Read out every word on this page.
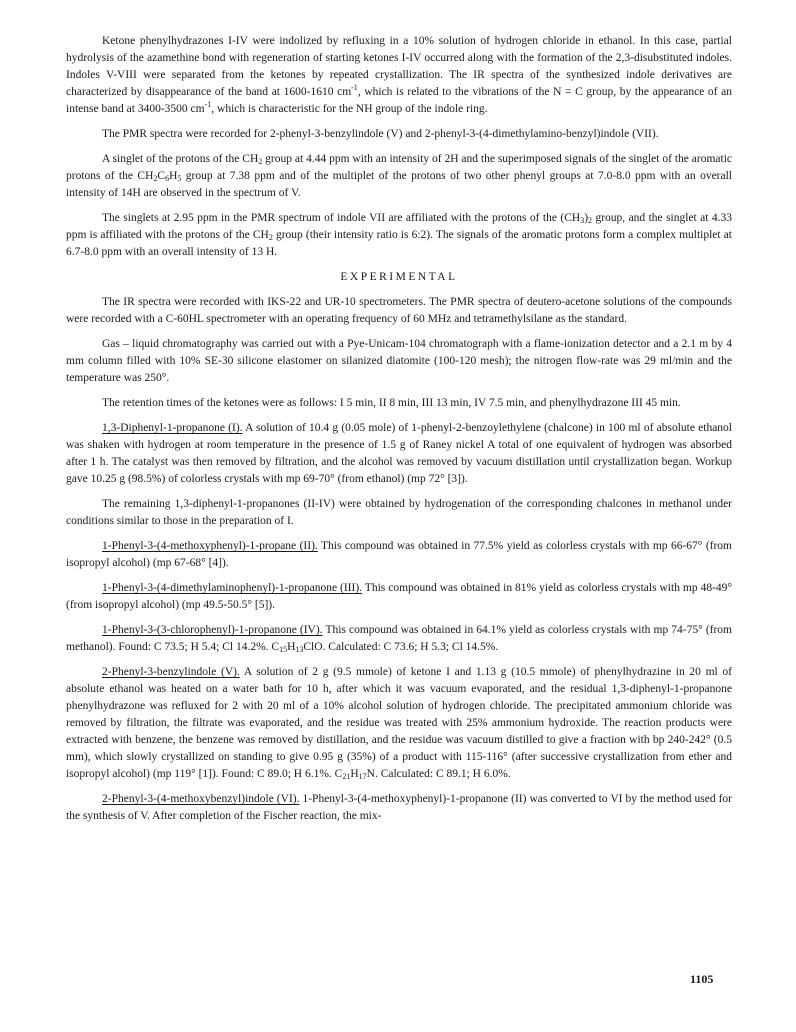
Ketone phenylhydrazones I-IV were indolized by refluxing in a 10% solution of hydrogen chloride in ethanol. In this case, partial hydrolysis of the azamethine bond with regeneration of starting ketones I-IV occurred along with the formation of the 2,3-disubstituted indoles. Indoles V-VIII were separated from the ketones by repeated crystallization. The IR spectra of the synthesized indole derivatives are characterized by disappearance of the band at 1600-1610 $cm^{-1}$, which is related to the vibrations of the N = C group, by the appearance of an intense band at 3400-3500 $cm^{-1}$, which is characteristic for the NH group of the indole ring.

The PMR spectra were recorded for 2-phenyl-3-benzylindole (V) and 2-phenyl-3-(4-dimethylamino-benzyl)indole (VII).

A singlet of the protons of the $CH_2$ group at 4.44 ppm with an intensity of 2H and the superimposed signals of the singlet of the aromatic protons of the $CH_2C_6H_5$ group at 7.38 ppm and of the multiplet of the protons of two other phenyl groups at 7.0-8.0 ppm with an overall intensity of 14H are observed in the spectrum of V.

The singlets at 2.95 ppm in the PMR spectrum of indole VII are affiliated with the protons of the $(CH_3)_2$ group, and the singlet at 4.33 ppm is affiliated with the protons of the $CH_2$ group (their intensity ratio is 6:2). The signals of the aromatic protons form a complex multiplet at 6.7-8.0 ppm with an overall intensity of 13 H.

EXPERIMENTAL

The IR spectra were recorded with IKS-22 and UR-10 spectrometers. The PMR spectra of deutero-acetone solutions of the compounds were recorded with a C-60HL spectrometer with an operating frequency of 60 MHz and tetramethylsilane as the standard.

Gas – liquid chromatography was carried out with a Pye-Unicam-104 chromatograph with a flame-ionization detector and a 2.1 m by 4 mm column filled with 10% SE-30 silicone elastomer on silanized diatomite (100-120 mesh); the nitrogen flow-rate was 29 ml/min and the temperature was 250°.

The retention times of the ketones were as follows: I 5 min, II 8 min, III 13 min, IV 7.5 min, and phenylhydrazone III 45 min.

1,3-Diphenyl-1-propanone (I). A solution of 10.4 g (0.05 mole) of 1-phenyl-2-benzoylethylene (chalcone) in 100 ml of absolute ethanol was shaken with hydrogen at room temperature in the presence of 1.5 g of Raney nickel A total of one equivalent of hydrogen was absorbed after 1 h. The catalyst was then removed by filtration, and the alcohol was removed by vacuum distillation until crystallization began. Workup gave 10.25 g (98.5%) of colorless crystals with mp 69-70° (from ethanol) (mp 72° [3]).

The remaining 1,3-diphenyl-1-propanones (II-IV) were obtained by hydrogenation of the corresponding chalcones in methanol under conditions similar to those in the preparation of I.

1-Phenyl-3-(4-methoxyphenyl)-1-propane (II). This compound was obtained in 77.5% yield as colorless crystals with mp 66-67° (from isopropyl alcohol) (mp 67-68° [4]).

1-Phenyl-3-(4-dimethylaminophenyl)-1-propanone (III). This compound was obtained in 81% yield as colorless crystals with mp 48-49° (from isopropyl alcohol) (mp 49.5-50.5° [5]).

1-Phenyl-3-(3-chlorophenyl)-1-propanone (IV). This compound was obtained in 64.1% yield as colorless crystals with mp 74-75° (from methanol). Found: C 73.5; H 5.4; Cl 14.2%. $C_{15}H_{13}ClO$. Calculated: C 73.6; H 5.3; Cl 14.5%.

2-Phenyl-3-benzylindole (V). A solution of 2 g (9.5 mmole) of ketone I and 1.13 g (10.5 mmole) of phenylhydrazine in 20 ml of absolute ethanol was heated on a water bath for 10 h, after which it was vacuum evaporated, and the residual 1,3-diphenyl-1-propanone phenylhydrazone was refluxed for 2 with 20 ml of a 10% alcohol solution of hydrogen chloride. The precipitated ammonium chloride was removed by filtration, the filtrate was evaporated, and the residue was treated with 25% ammonium hydroxide. The reaction products were extracted with benzene, the benzene was removed by distillation, and the residue was vacuum distilled to give a fraction with bp 240-242° (0.5 mm), which slowly crystallized on standing to give 0.95 g (35%) of a product with 115-116° (after successive crystallization from ether and isopropyl alcohol) (mp 119° [1]). Found: C 89.0; H 6.1%. $C_{21}H_{17}N$. Calculated: C 89.1; H 6.0%.

2-Phenyl-3-(4-methoxybenzyl)indole (VI). 1-Phenyl-3-(4-methoxyphenyl)-1-propanone (II) was converted to VI by the method used for the synthesis of V. After completion of the Fischer reaction, the mix-

1105
